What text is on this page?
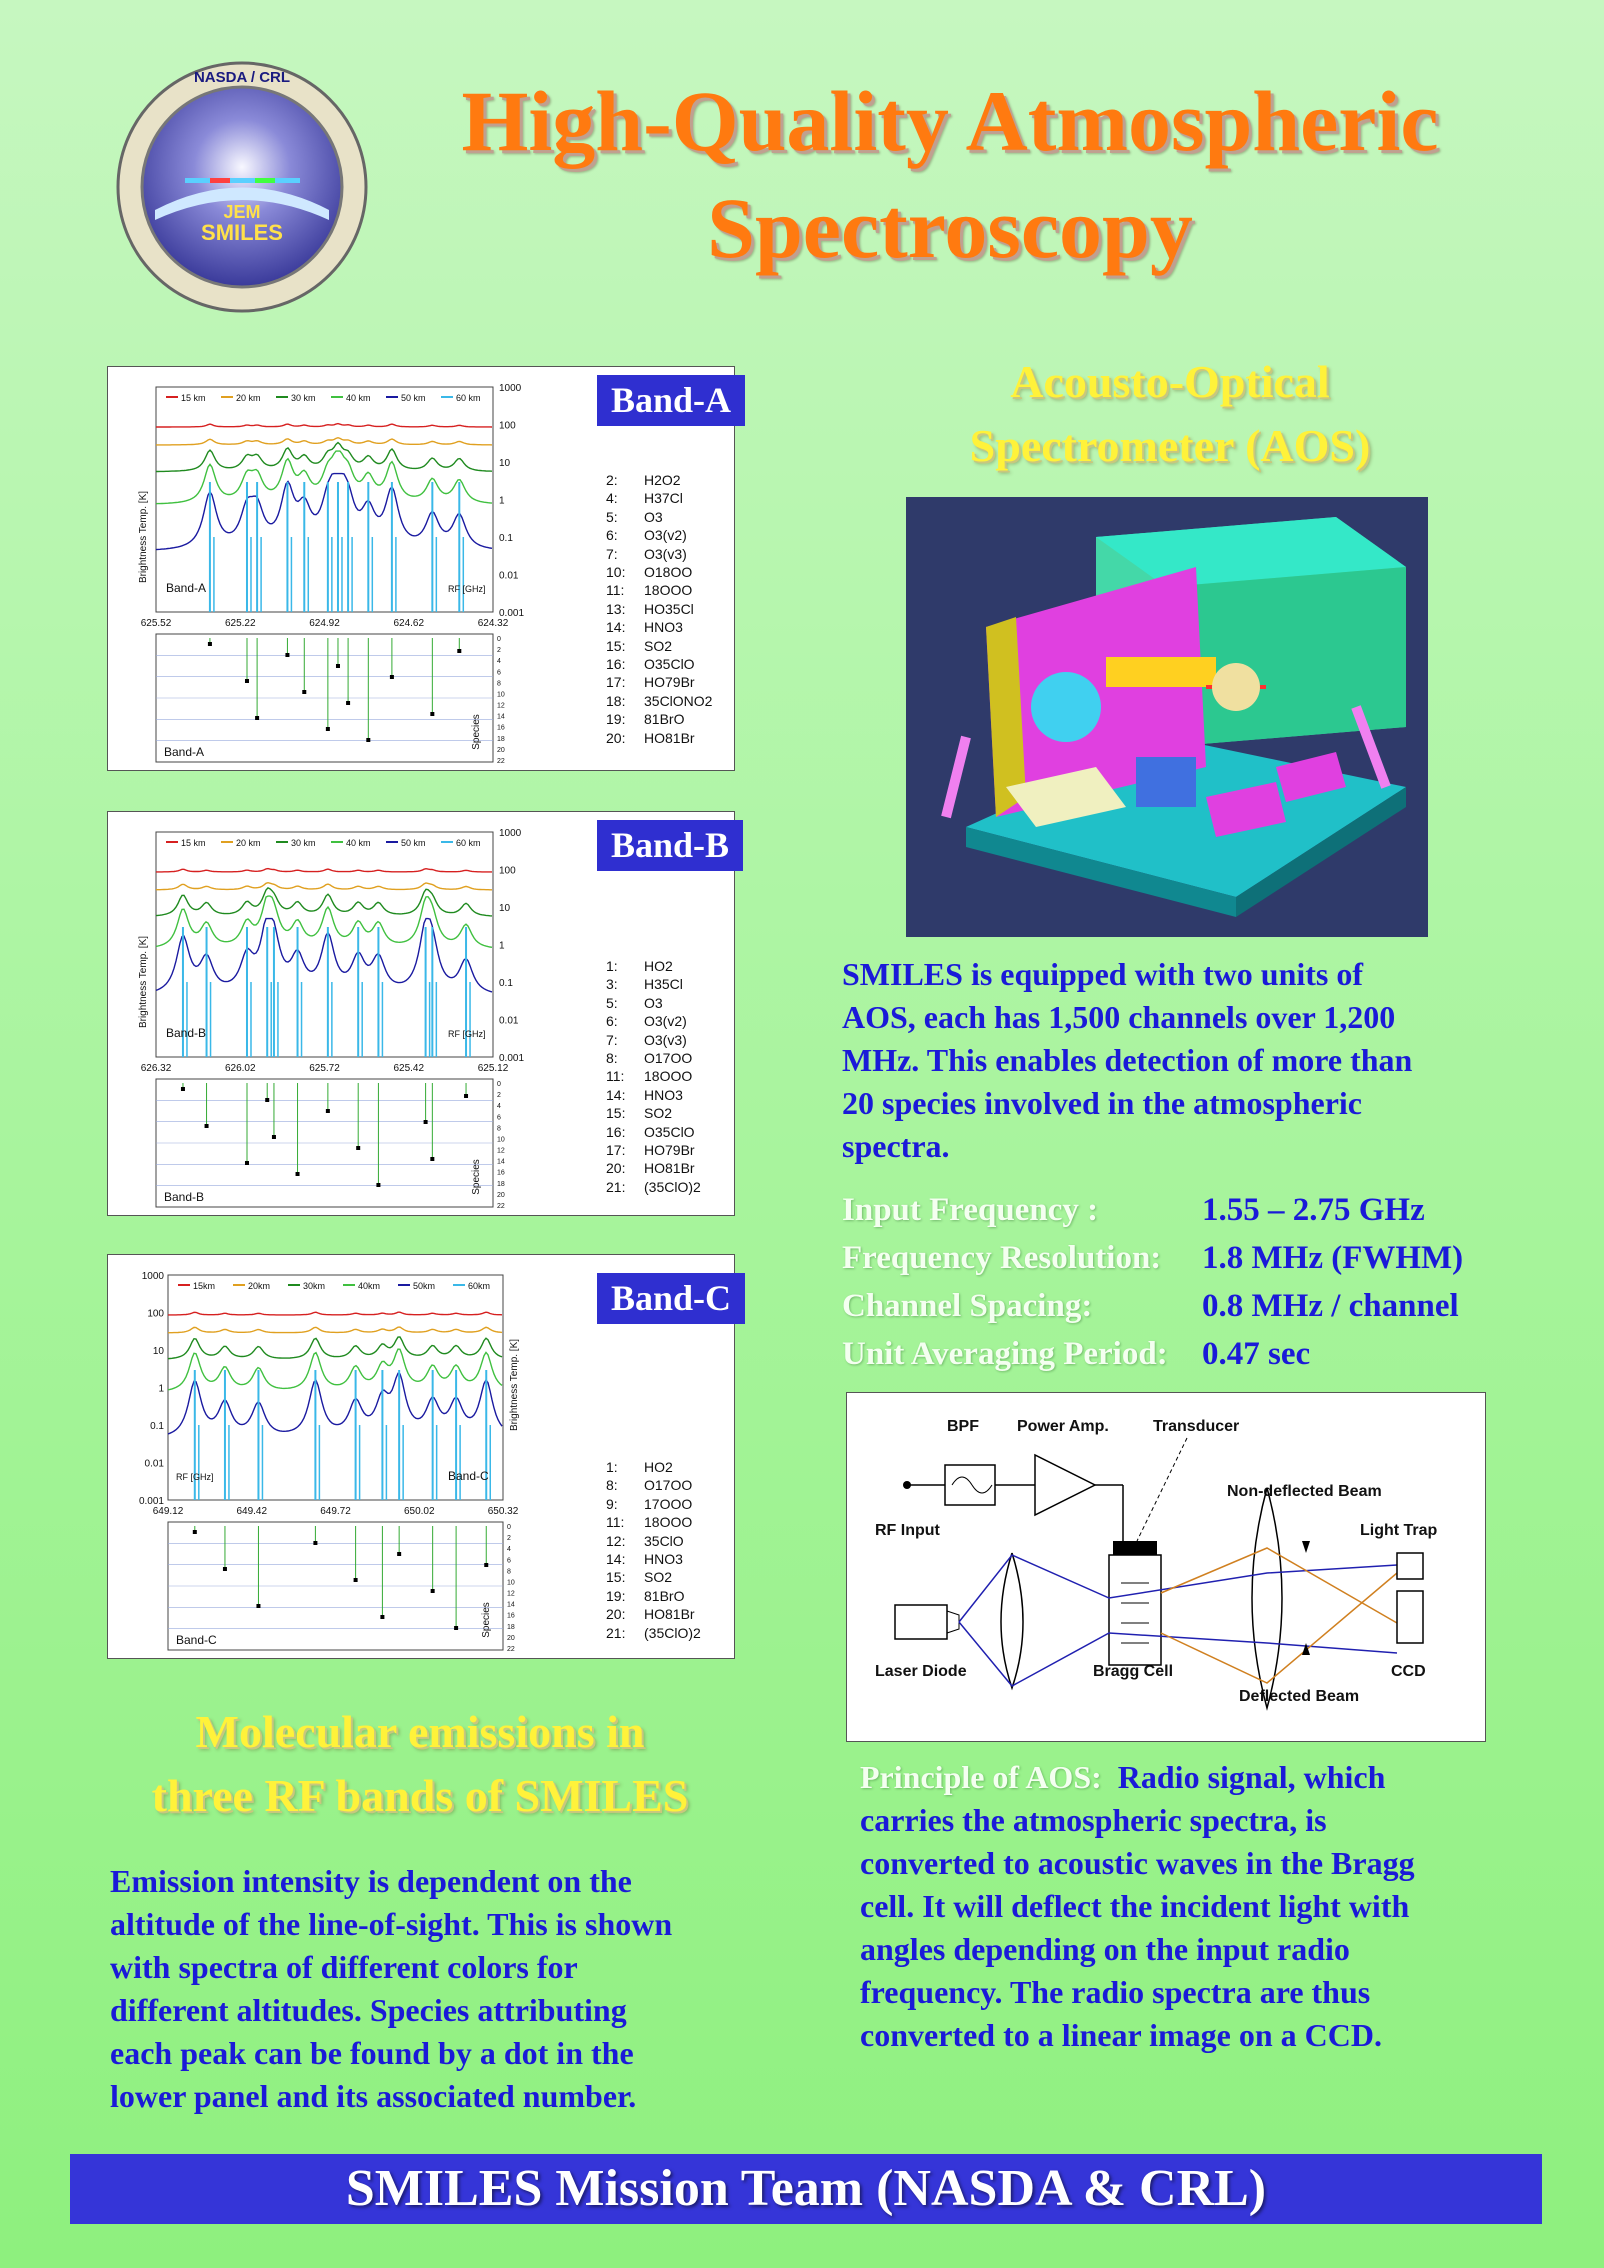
JEM
SMILES
NASDA / CRL	High-Quality Atmospheric
Spectroscopy
1000
100
10
1
0.1
0.01
0.001
625.52	625.22	624.92	624.62	624.32
Brightness Temp. [K]
15 km	20 km	30 km	40 km	50 km	60 km
Band-A	RF [GHz]
Band-A
Species
0
2
4
6
8
10
12
14
16
18
20
22
2: H2O2
4: H37Cl
5: O3
6: O3(v2)
7: O3(v3)
10: O18OO
11: 18OOO
13: HO35Cl
14: HNO3
15: SO2
16: O35ClO
17: HO79Br
18: 35ClONO2
19: 81BrO
20: HO81Br
Band-A
1000
100
10
1
0.1
0.01
0.001
626.32	626.02	625.72	625.42	625.12
Brightness Temp. [K]
15 km	20 km	30 km	40 km	50 km	60 km
Band-B	RF [GHz]
Band-B
Species
0
2
4
6
8
10
12
14
16
18
20
22
1: HO2
3: H35Cl
5: O3
6: O3(v2)
7: O3(v3)
8: O17OO
11: 18OOO
14: HNO3
15: SO2
16: O35ClO
17: HO79Br
20: HO81Br
21: (35ClO)2
Band-B
1000
100
10
1
0.1
0.01
0.001
649.12	649.42	649.72	650.02	650.32
Brightness Temp. [K]
15km	20km	30km	40km	50km	60km
Band-C
RF [GHz]
Band-C
Species
0
2
4
6
8
10
12
14
16
18
20
22
1: HO2
8: O17OO
9: 17OOO
11: 18OOO
12: 35ClO
14: HNO3
15: SO2
19: 81BrO
20: HO81Br
21: (35ClO)2
Band-C
Molecular emissions in
three RF bands of SMILES
Emission intensity is dependent on the
altitude of the line-of-sight. This is shown
with spectra of different colors for
different altitudes. Species attributing
each peak can be found by a dot in the
lower panel and its associated number.
Acousto-Optical
Spectrometer (AOS)
SMILES is equipped with two units of
AOS, each has 1,500 channels over 1,200
MHz. This enables detection of more than
20 species involved in the atmospheric
spectra.
Input Frequency :	1.55 – 2.75 GHz
Frequency Resolution: 1.8 MHz (FWHM)
Channel Spacing:	0.8 MHz / channel
Unit Averaging Period: 0.47 sec
BPF Power Amp.	Transducer
Non-deflected Beam
Light Trap
RF Input
Laser Diode	Bragg Cell
Deflected Beam
CCD
Principle of AOS: Radio signal, which
carries the atmospheric spectra, is
converted to acoustic waves in the Bragg
cell. It will deflect the incident light with
angles depending on the input radio
frequency. The radio spectra are thus
converted to a linear image on a CCD.
SMILES Mission Team (NASDA & CRL)
